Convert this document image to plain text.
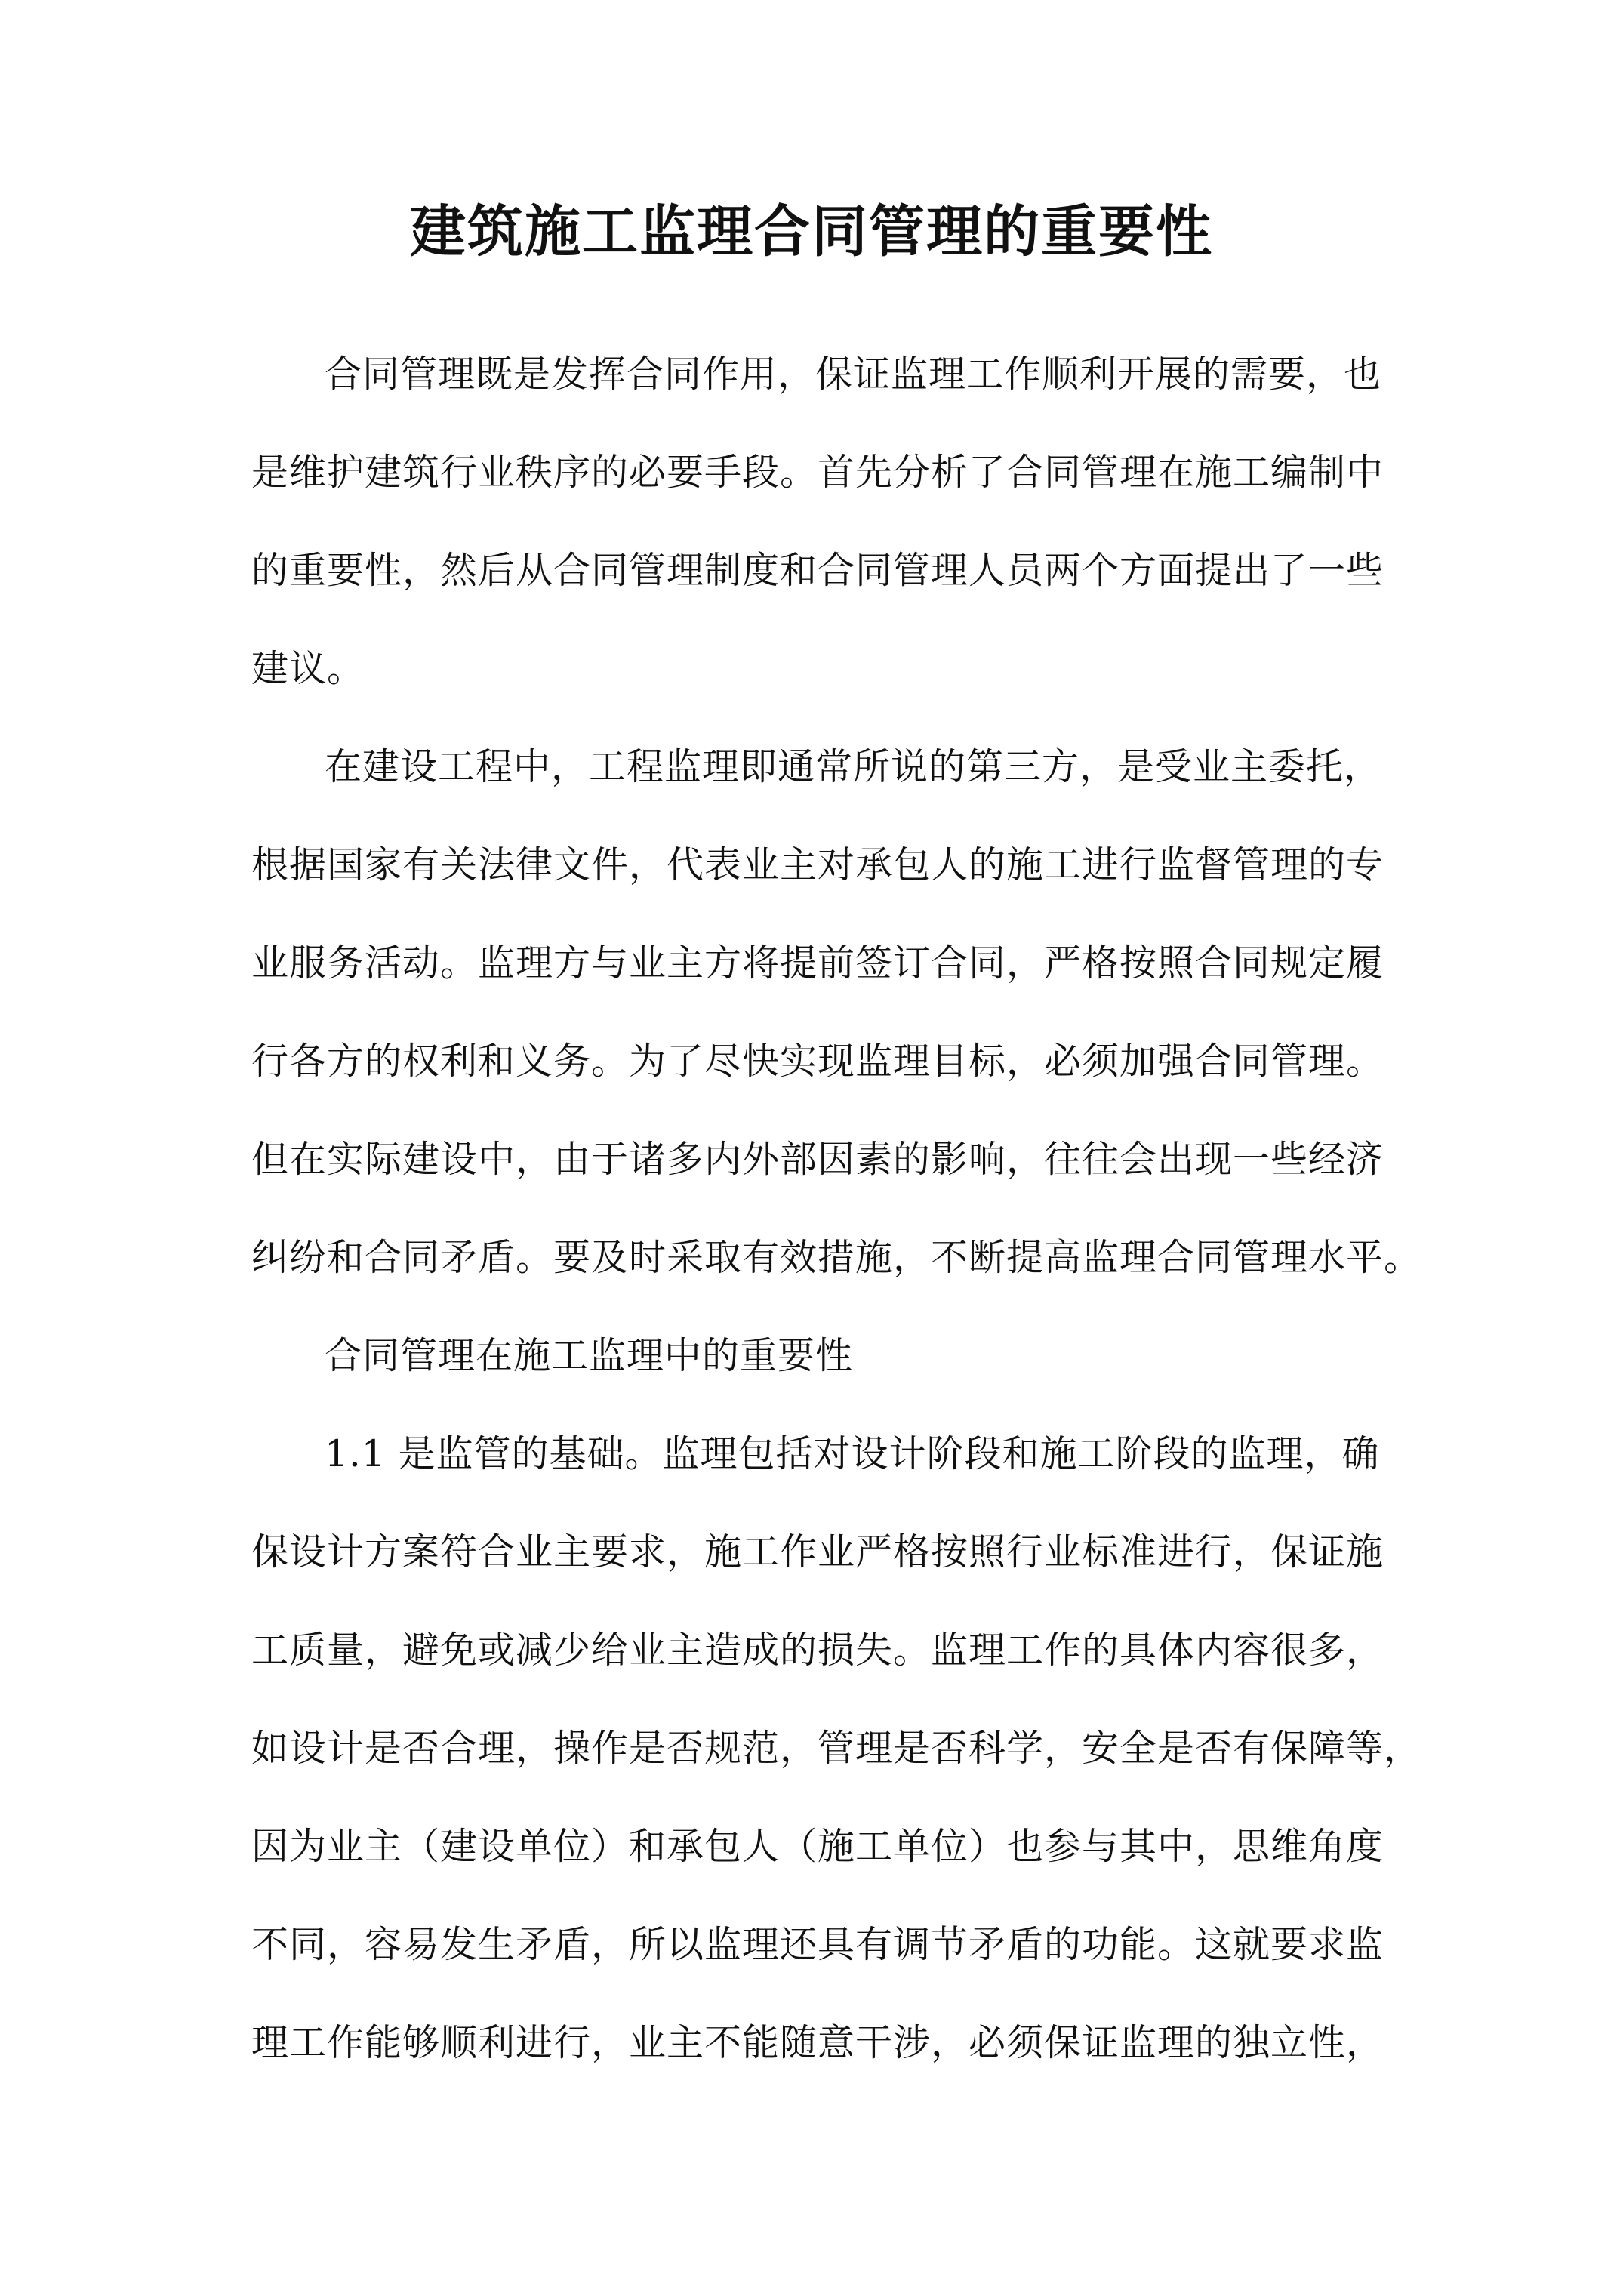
建筑施工监理合同管理的重要性
合同管理既是发挥合同作用，保证监理工作顺利开展的需要，也
是维护建筑行业秩序的必要手段。首先分析了合同管理在施工编制中
的重要性，然后从合同管理制度和合同管理人员两个方面提出了一些
建议。
在建设工程中，工程监理即通常所说的第三方，是受业主委托，
根据国家有关法律文件，代表业主对承包人的施工进行监督管理的专
业服务活动。监理方与业主方将提前签订合同，严格按照合同规定履
行各方的权利和义务。为了尽快实现监理目标，必须加强合同管理。
但在实际建设中，由于诸多内外部因素的影响，往往会出现一些经济
纠纷和合同矛盾。要及时采取有效措施，不断提高监理合同管理水平。
合同管理在施工监理中的重要性
1.1 是监管的基础。监理包括对设计阶段和施工阶段的监理，确
保设计方案符合业主要求，施工作业严格按照行业标准进行，保证施
工质量，避免或减少给业主造成的损失。监理工作的具体内容很多，
如设计是否合理，操作是否规范，管理是否科学，安全是否有保障等，
因为业主（建设单位）和承包人（施工单位）也参与其中，思维角度
不同，容易发生矛盾，所以监理还具有调节矛盾的功能。这就要求监
理工作能够顺利进行，业主不能随意干涉，必须保证监理的独立性，
